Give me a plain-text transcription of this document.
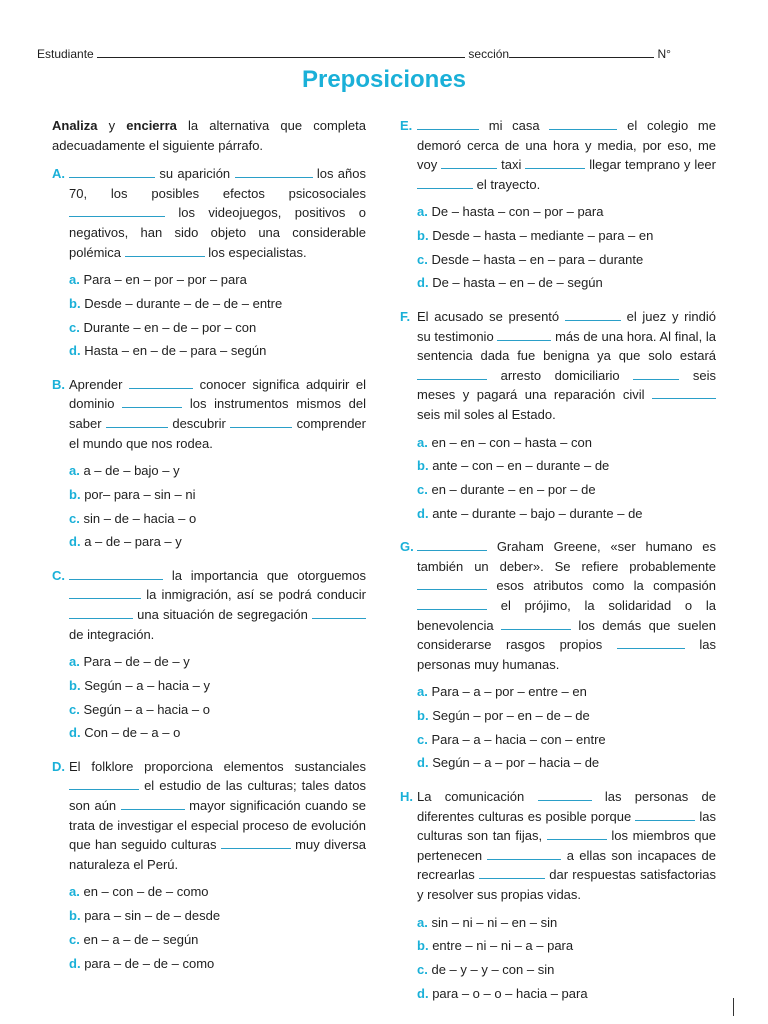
Estudiante	sección	N°
Preposiciones

Analiza y encierra la alternativa que completa adecuadamente el siguiente párrafo.

A.	su aparición	los años 70, los posibles efectos psicosociales  los videojuegos, positivos o negativos, han sido objeto una considerable polémica	los especialistas.
a. Para – en – por – por – para
b. Desde – durante – de – de – entre
c. Durante – en – de – por – con
d. Hasta – en – de – para – según
B. Aprender	conocer significa adquirir el dominio	los instrumentos mismos del saber	descubrir	comprender el mundo que nos rodea.
a. a – de – bajo – y
b. por– para – sin – ni
c. sin – de – hacia – o
d. a – de – para – y
C.	la importancia que otorguemos  la inmigración, así se podrá conducir  una situación de segregación  de integración.
a. Para – de – de – y
b. Según – a – hacia – y
c. Según – a – hacia – o
d. Con – de – a – o
D. El folklore proporciona elementos sustanciales  el estudio de las culturas; tales datos son aún	mayor significación cuando se trata de investigar el especial proceso de evolución que han seguido culturas	muy diversa naturaleza el Perú.
a. en – con – de – como
b. para – sin – de – desde
c. en – a – de – según
d. para – de – de – como
E.	mi casa	el colegio me demoró cerca de una hora y media, por eso, me voy	taxi	llegar temprano y leer  el trayecto.
a. De – hasta – con – por – para
b. Desde – hasta – mediante – para – en
c. Desde – hasta – en – para – durante
d. De – hasta – en – de – según
F. El acusado se presentó	el juez y rindió su testimonio	más de una hora. Al final, la sentencia dada fue benigna ya que solo estará  arresto domiciliario	seis meses y pagará una reparación civil  seis mil soles al Estado.
a. en – en – con – hasta – con
b. ante – con – en – durante – de
c. en – durante – en – por – de
d. ante – durante – bajo – durante – de
G.	Graham Greene, «ser humano es también un deber». Se refiere probablemente  esos atributos como la compasión  el prójimo, la solidaridad o la benevolencia	los demás que suelen considerarse rasgos propios	las personas muy humanas.
a. Para – a – por – entre – en
b. Según – por – en – de – de
c. Para – a – hacia – con – entre
d. Según – a – por – hacia – de
H. La comunicación	las personas de diferentes culturas es posible porque	las culturas son tan fijas,	los miembros que pertenecen	a ellas son incapaces de recrearlas	dar respuestas satisfactorias y resolver sus propias vidas.
a. sin – ni – ni – en – sin
b. entre – ni – ni – a – para
c. de – y – y – con – sin
d. para – o – o – hacia – para
